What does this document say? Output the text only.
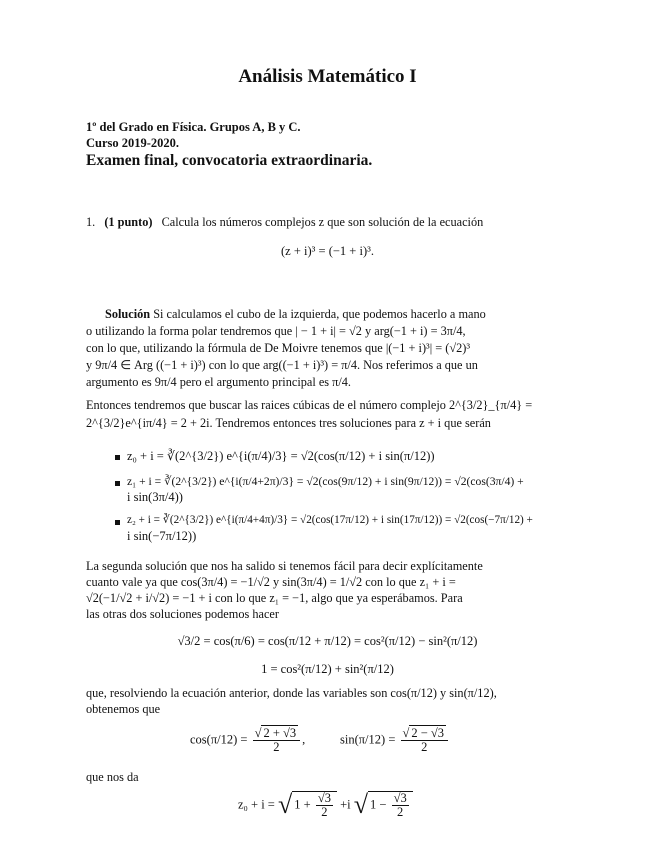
Análisis Matemático I
1º del Grado en Física. Grupos A, B y C.
Curso 2019-2020.
Examen final, convocatoria extraordinaria.
1. (1 punto) Calcula los números complejos z que son solución de la ecuación
(z + i)³ = (−1 + i)³.
Solución Si calculamos el cubo de la izquierda, que podemos hacerlo a mano
o utilizando la forma polar tendremos que | − 1 + i| = √2 y arg(−1 + i) = 3π/4,
con lo que, utilizando la fórmula de De Moivre tenemos que |(−1 + i)³| = (√2)³
y 9π/4 ∈ Arg ((−1 + i)³) con lo que arg((−1 + i)³) = π/4. Nos referimos a que un
argumento es 9π/4 pero el argumento principal es π/4.
Entonces tendremos que buscar las raices cúbicas de el número complejo 2^{3/2}_{π/4} =
2^{3/2}e^{iπ/4} = 2 + 2i. Tendremos entonces tres soluciones para z + i que serán
z₀ + i = ∛(2^{3/2}) e^{i(π/4)/3} = √2(cos(π/12) + i sin(π/12))
z₁ + i = ∛(2^{3/2}) e^{i(π/4+2π)/3} = √2(cos(9π/12) + i sin(9π/12)) = √2(cos(3π/4) +
i sin(3π/4))
z₂ + i = ∛(2^{3/2}) e^{i(π/4+4π)/3} = √2(cos(17π/12) + i sin(17π/12)) = √2(cos(−7π/12) +
i sin(−7π/12))
La segunda solución que nos ha salido si tenemos fácil para decir explícitamente
cuanto vale ya que cos(3π/4) = −1/√2 y sin(3π/4) = 1/√2 con lo que z₁ + i =
√2(−1/√2 + i/√2) = −1 + i con lo que z₁ = −1, algo que ya esperábamos. Para
las otras dos soluciones podemos hacer
√3/2 = cos(π/6) = cos(π/12 + π/12) = cos²(π/12) − sin²(π/12)
1 = cos²(π/12) + sin²(π/12)
que, resolviendo la ecuación anterior, donde las variables son cos(π/12) y sin(π/12),
obtenemos que
$\cos(\pi/12) = \frac{√ 2 + √3}{2}$ ,	$\sin(\pi/12) = \frac{√ 2 - √3}{2}$
que nos da
z₀ + i = √ $1 + \frac{√3}{2} +i$ √ $1 - \frac{√3}{2}$
